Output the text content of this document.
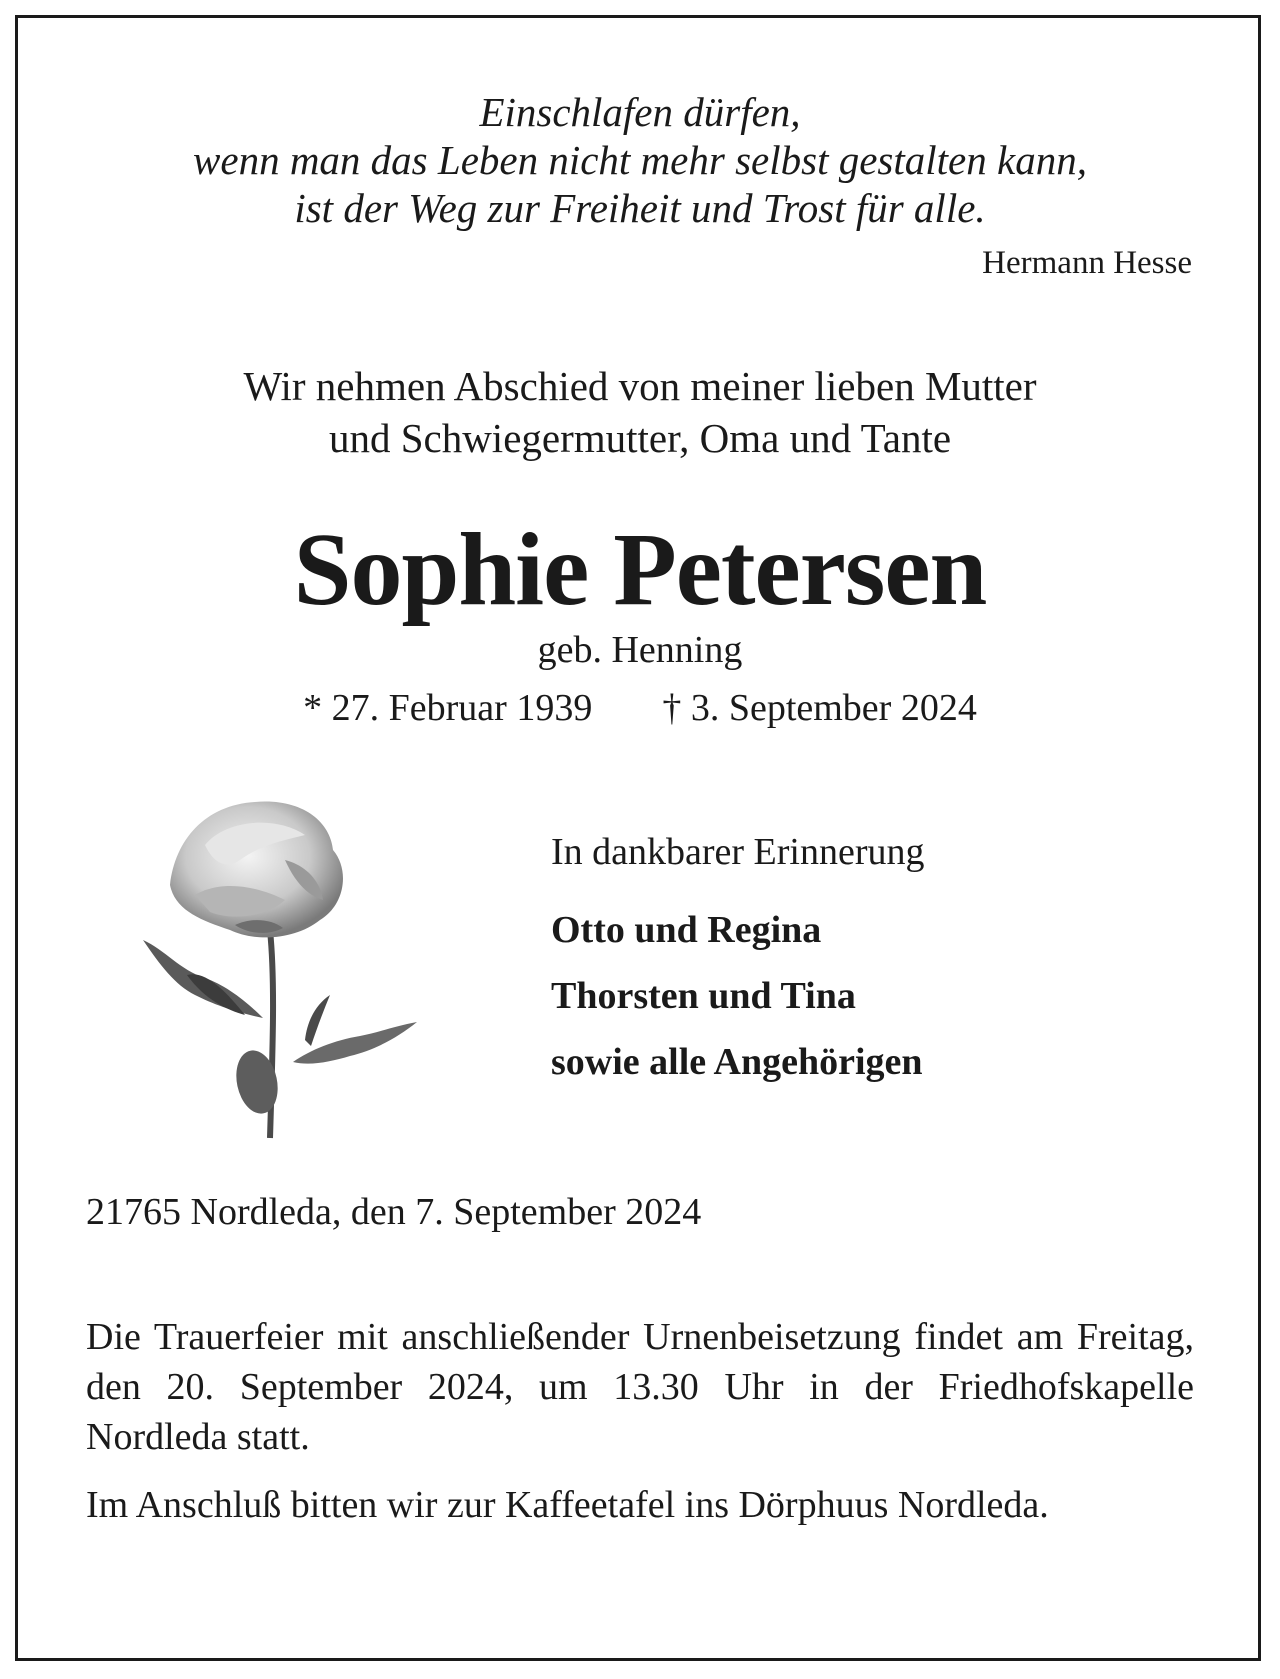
Einschlafen dürfen,
wenn man das Leben nicht mehr selbst gestalten kann,
ist der Weg zur Freiheit und Trost für alle.
Hermann Hesse
Wir nehmen Abschied von meiner lieben Mutter
und Schwiegermutter, Oma und Tante
Sophie Petersen
geb. Henning
* 27. Februar 1939 † 3. September 2024
In dankbarer Erinnerung
Otto und Regina
Thorsten und Tina
sowie alle Angehörigen
21765 Nordleda, den 7. September 2024
Die Trauerfeier mit anschließender Urnenbeisetzung findet am Freitag, den 20. September 2024, um 13.30 Uhr in der Friedhofskapelle Nordleda statt.
Im Anschluß bitten wir zur Kaffeetafel ins Dörphuus Nordleda.
